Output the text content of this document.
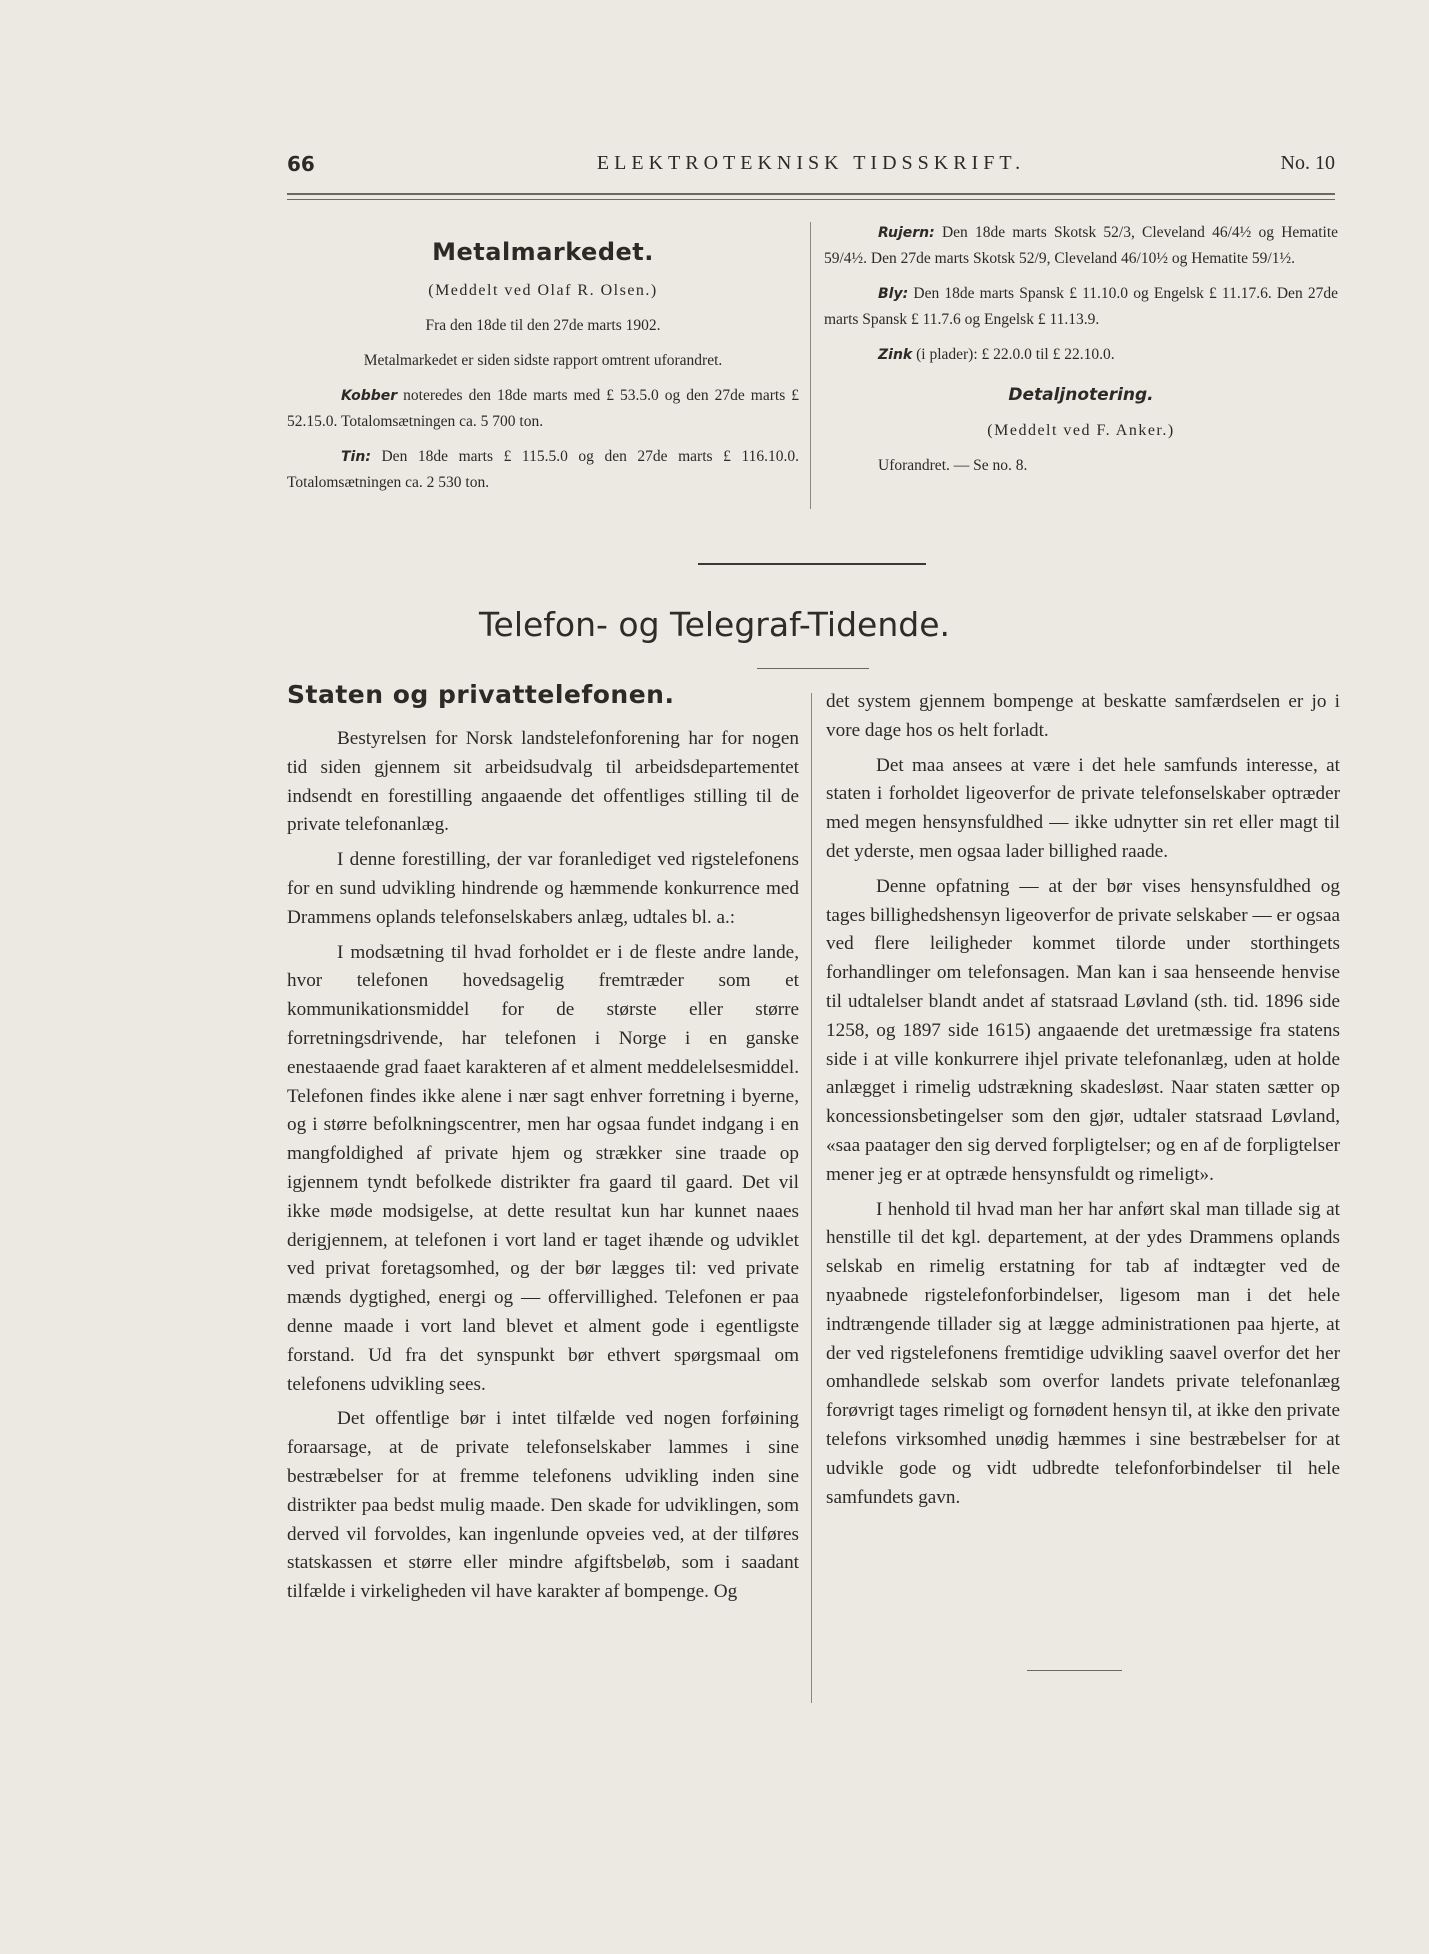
66	ELEKTROTEKNISK TIDSSKRIFT.	No. 10
Metalmarkedet.

(Meddelt ved Olaf R. Olsen.)

Fra den 18de til den 27de marts 1902.

Metalmarkedet er siden sidste rapport omtrent uforandret.

Kobber noteredes den 18de marts med £ 53.5.0 og den 27de marts £ 52.15.0. Totalomsætningen ca. 5 700 ton.

Tin: Den 18de marts £ 115.5.0 og den 27de marts £ 116.10.0. Totalomsætningen ca. 2 530 ton.

Rujern: Den 18de marts Skotsk 52/3, Cleveland 46/4½ og Hematite 59/4½. Den 27de marts Skotsk 52/9, Cleveland 46/10½ og Hematite 59/1½.

Bly: Den 18de marts Spansk £ 11.10.0 og Engelsk £ 11.17.6. Den 27de marts Spansk £ 11.7.6 og Engelsk £ 11.13.9.

Zink (i plader): £ 22.0.0 til £ 22.10.0.

Detaljnotering.

(Meddelt ved F. Anker.)

Uforandret. — Se no. 8.

Telefon- og Telegraf-Tidende.
Staten og privattelefonen.

Bestyrelsen for Norsk landstelefonforening har for nogen tid siden gjennem sit arbeidsudvalg til arbeidsdepartementet indsendt en forestilling angaaende det offentliges stilling til de private telefonanlæg.

I denne forestilling, der var foranlediget ved rigstelefonens for en sund udvikling hindrende og hæmmende konkurrence med Drammens oplands telefonselskabers anlæg, udtales bl. a.:

I modsætning til hvad forholdet er i de fleste andre lande, hvor telefonen hovedsagelig fremtræder som et kommunikationsmiddel for de største eller større forretningsdrivende, har telefonen i Norge i en ganske enestaaende grad faaet karakteren af et alment meddelelsesmiddel. Telefonen findes ikke alene i nær sagt enhver forretning i byerne, og i større befolkningscentrer, men har ogsaa fundet indgang i en mangfoldighed af private hjem og strækker sine traade op igjennem tyndt befolkede distrikter fra gaard til gaard. Det vil ikke møde modsigelse, at dette resultat kun har kunnet naaes derigjennem, at telefonen i vort land er taget ihænde og udviklet ved privat foretagsomhed, og der bør lægges til: ved private mænds dygtighed, energi og — offervillighed. Telefonen er paa denne maade i vort land blevet et alment gode i egentligste forstand. Ud fra det synspunkt bør ethvert spørgsmaal om telefonens udvikling sees.

Det offentlige bør i intet tilfælde ved nogen forføining foraarsage, at de private telefonselskaber lammes i sine bestræbelser for at fremme telefonens udvikling inden sine distrikter paa bedst mulig maade. Den skade for udviklingen, som derved vil forvoldes, kan ingenlunde opveies ved, at der tilføres statskassen et større eller mindre afgiftsbeløb, som i saadant tilfælde i virkeligheden vil have karakter af bompenge. Og

det system gjennem bompenge at beskatte samfærdselen er jo i vore dage hos os helt forladt.

Det maa ansees at være i det hele samfunds interesse, at staten i forholdet ligeoverfor de private telefonselskaber optræder med megen hensynsfuldhed — ikke udnytter sin ret eller magt til det yderste, men ogsaa lader billighed raade.

Denne opfatning — at der bør vises hensynsfuldhed og tages billighedshensyn ligeoverfor de private selskaber — er ogsaa ved flere leiligheder kommet tilorde under storthingets forhandlinger om telefonsagen. Man kan i saa henseende henvise til udtalelser blandt andet af statsraad Løvland (sth. tid. 1896 side 1258, og 1897 side 1615) angaaende det uretmæssige fra statens side i at ville konkurrere ihjel private telefonanlæg, uden at holde anlægget i rimelig udstrækning skadesløst. Naar staten sætter op koncessionsbetingelser som den gjør, udtaler statsraad Løvland, «saa paatager den sig derved forpligtelser; og en af de forpligtelser mener jeg er at optræde hensynsfuldt og rimeligt».

I henhold til hvad man her har anført skal man tillade sig at henstille til det kgl. departement, at der ydes Drammens oplands selskab en rimelig erstatning for tab af indtægter ved de nyaabnede rigstelefonforbindelser, ligesom man i det hele indtrængende tillader sig at lægge administrationen paa hjerte, at der ved rigstelefonens fremtidige udvikling saavel overfor det her omhandlede selskab som overfor landets private telefonanlæg forøvrigt tages rimeligt og fornødent hensyn til, at ikke den private telefons virksomhed unødig hæmmes i sine bestræbelser for at udvikle gode og vidt udbredte telefonforbindelser til hele samfundets gavn.
